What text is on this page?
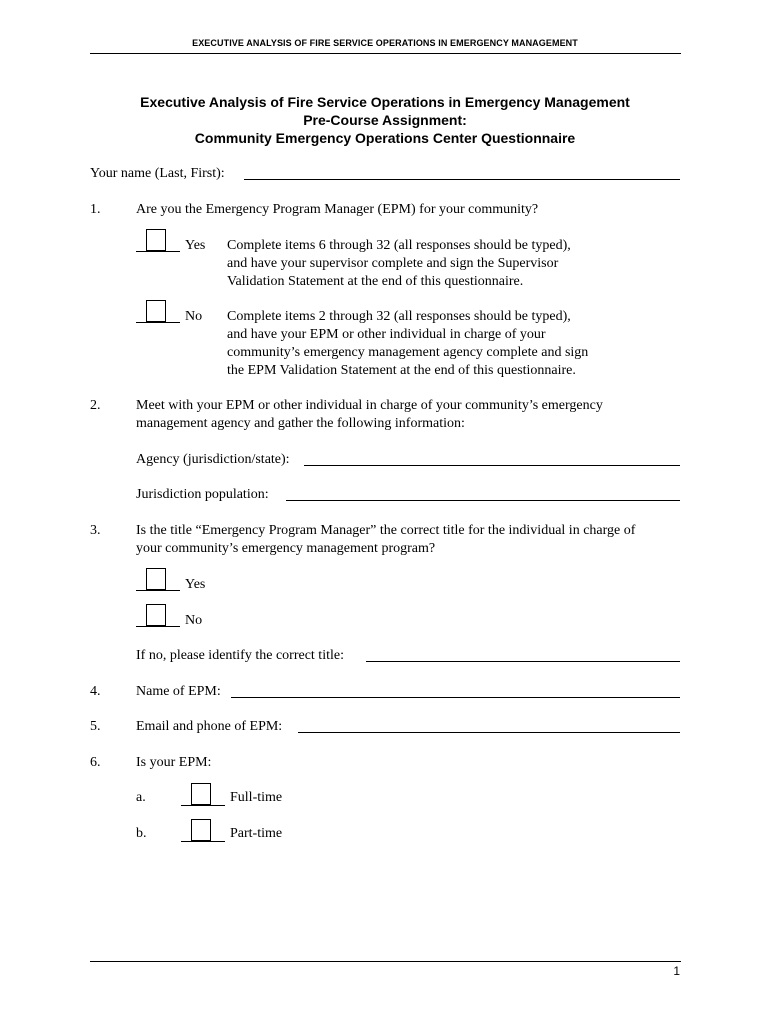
EXECUTIVE ANALYSIS OF FIRE SERVICE OPERATIONS IN EMERGENCY MANAGEMENT
Executive Analysis of Fire Service Operations in Emergency Management
Pre-Course Assignment:
Community Emergency Operations Center Questionnaire
Your name (Last, First):
1.	Are you the Emergency Program Manager (EPM) for your community?
Yes Complete items 6 through 32 (all responses should be typed),
and have your supervisor complete and sign the Supervisor
Validation Statement at the end of this questionnaire.
No Complete items 2 through 32 (all responses should be typed),
and have your EPM or other individual in charge of your
community’s emergency management agency complete and sign
the EPM Validation Statement at the end of this questionnaire.
2.	Meet with your EPM or other individual in charge of your community’s emergency
management agency and gather the following information:
Agency (jurisdiction/state):
Jurisdiction population:
3.	Is the title “Emergency Program Manager” the correct title for the individual in charge of
your community’s emergency management program?
Yes
No
If no, please identify the correct title:
4.	Name of EPM:
5.	Email and phone of EPM:
6.	Is your EPM:
a.	Full-time
b.	Part-time
1
